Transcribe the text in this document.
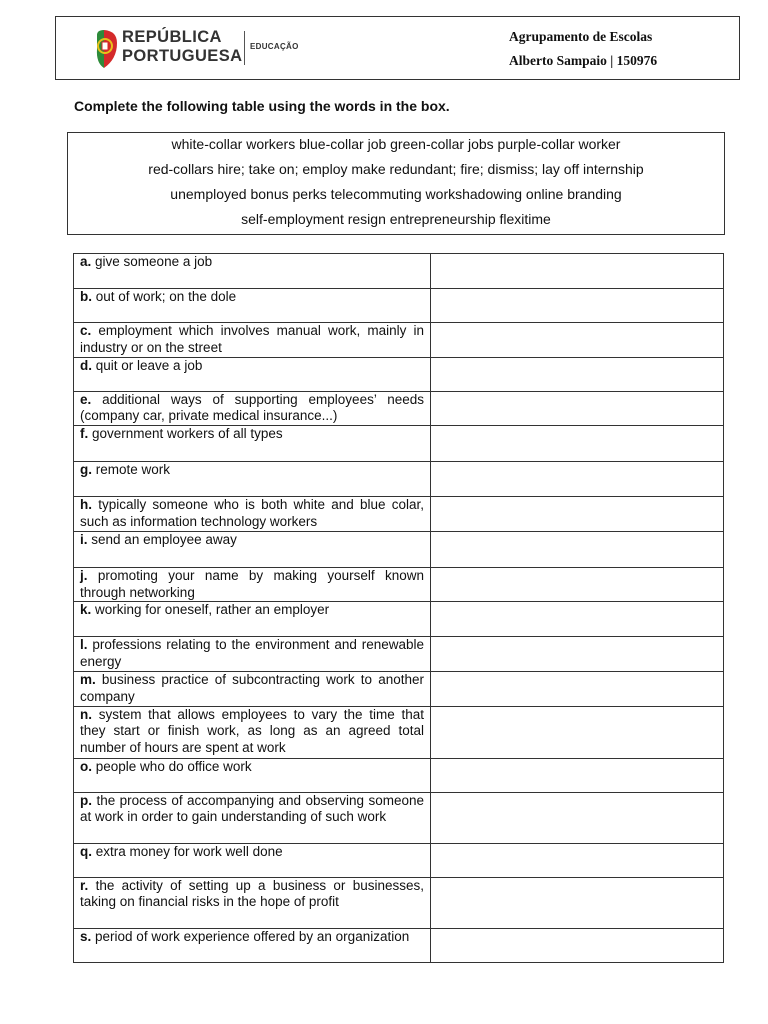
REPÚBLICA
PORTUGUESA
EDUCAÇÃO
Agrupamento de Escolas
Alberto Sampaio | 150976
Complete the following table using the words in the box.
white-collar workers blue-collar job green-collar jobs purple-collar worker
red-collars hire; take on; employ make redundant; fire; dismiss; lay off internship
unemployed bonus perks telecommuting workshadowing online branding
self-employment resign entrepreneurship flexitime
a. give someone a job	
b. out of work; on the dole	
c. employment which involves manual work, mainly in industry or on the street	
d. quit or leave a job	
e. additional ways of supporting employees’ needs (company car, private medical insurance...)	
f. government workers of all types	
g. remote work	
h. typically someone who is both white and blue colar, such as information technology workers	
i. send an employee away	
j. promoting your name by making yourself known through networking	
k. working for oneself, rather an employer	
l. professions relating to the environment and renewable energy	
m. business practice of subcontracting work to another company	
n. system that allows employees to vary the time that they start or finish work, as long as an agreed total number of hours are spent at work	
o. people who do office work	
p. the process of accompanying and observing someone at work in order to gain understanding of such work	
q. extra money for work well done	
r. the activity of setting up a business or businesses, taking on financial risks in the hope of profit	
s. period of work experience offered by an organization	
